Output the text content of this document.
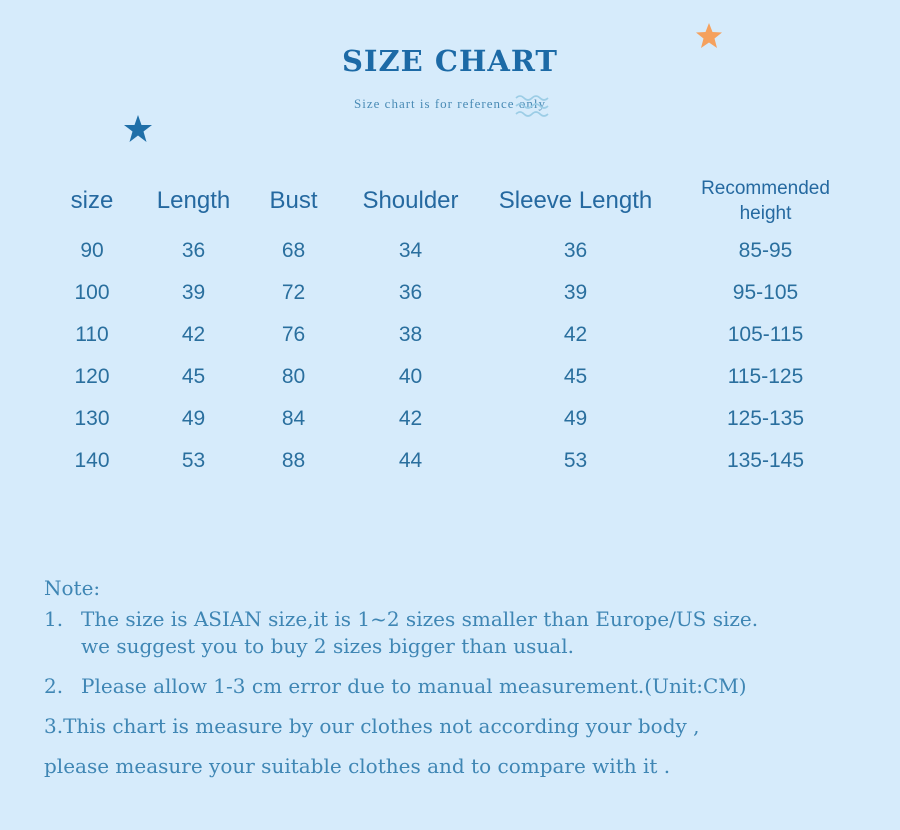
SIZE CHART
Size chart is for reference only
size	Length	Bust	Shoulder	Sleeve Length	Recommended height
90	36	68	34	36	85-95
100	39	72	36	39	95-105
110	42	76	38	42	105-115
120	45	80	40	45	115-125
130	49	84	42	49	125-135
140	53	88	44	53	135-145
Note:
1. The size is ASIAN size,it is 1~2 sizes smaller than Europe/US size.
we suggest you to buy 2 sizes bigger than usual.
2. Please allow 1-3 cm error due to manual measurement.(Unit:CM)
3.This chart is measure by our clothes not according your body ,
please measure your suitable clothes and to compare with it .
